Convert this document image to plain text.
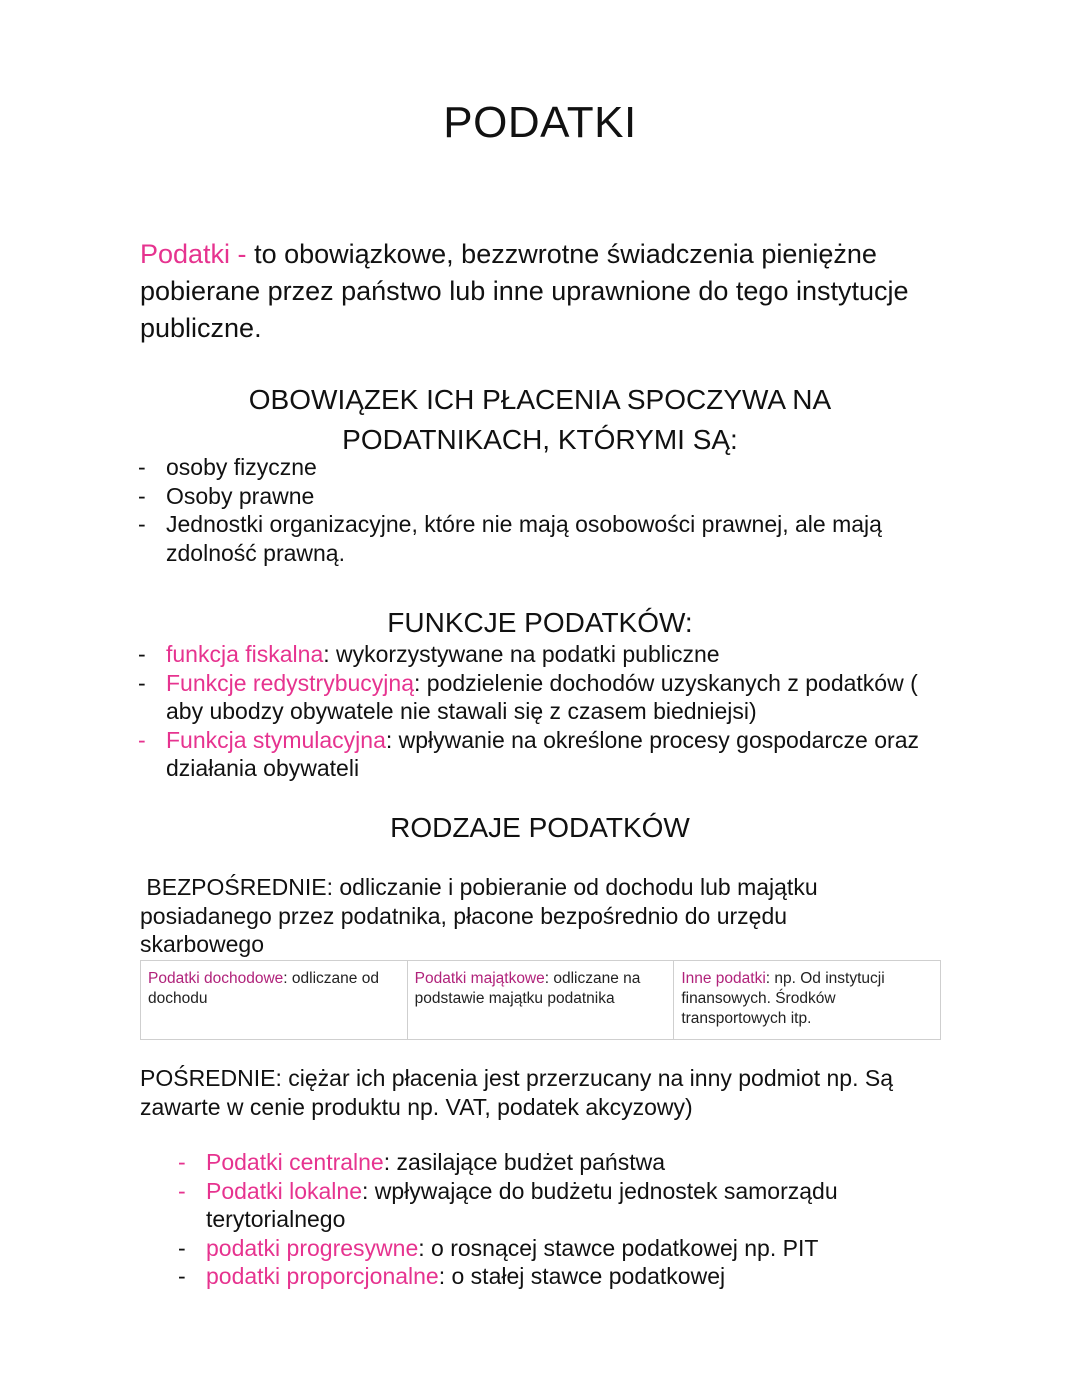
PODATKI

Podatki - to obowiązkowe, bezzwrotne świadczenia pieniężne pobierane przez państwo lub inne uprawnione do tego instytucje publiczne.

OBOWIĄZEK ICH PŁACENIA SPOCZYWA NA
PODATNIKACH, KTÓRYMI SĄ:
- osoby fizyczne
- Osoby prawne
- Jednostki organizacyjne, które nie mają osobowości prawnej, ale mają zdolność prawną.
FUNKCJE PODATKÓW:
- funkcja fiskalna: wykorzystywane na podatki publiczne
- Funkcje redystrybucyjną: podzielenie dochodów uzyskanych z podatków ( aby ubodzy obywatele nie stawali się z czasem biedniejsi)
- Funkcja stymulacyjna: wpływanie na określone procesy gospodarcze oraz działania obywateli
RODZAJE PODATKÓW

BEZPOŚREDNIE: odliczanie i pobieranie od dochodu lub majątku posiadanego przez podatnika, płacone bezpośrednio do urzędu skarbowego

Podatki dochodowe: odliczane od dochodu	Podatki majątkowe: odliczane na podstawie majątku podatnika	Inne podatki: np. Od instytucji finansowych. Środków transportowych itp.

POŚREDNIE: ciężar ich płacenia jest przerzucany na inny podmiot np. Są zawarte w cenie produktu np. VAT, podatek akcyzowy)

- Podatki centralne: zasilające budżet państwa
- Podatki lokalne: wpływające do budżetu jednostek samorządu terytorialnego
- podatki progresywne: o rosnącej stawce podatkowej np. PIT
- podatki proporcjonalne: o stałej stawce podatkowej
